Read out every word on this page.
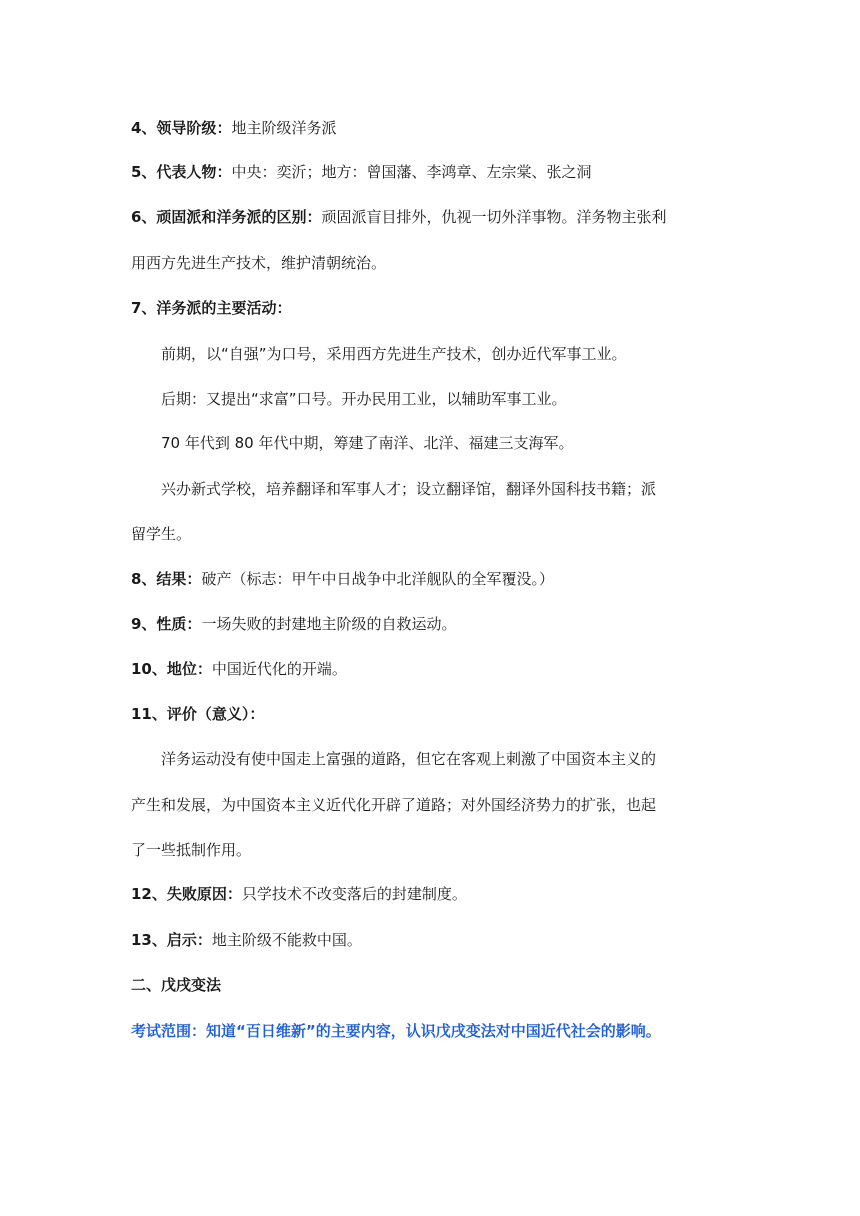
4、领导阶级：地主阶级洋务派
5、代表人物：中央：奕沂；地方：曾国藩、李鸿章、左宗棠、张之洞
6、顽固派和洋务派的区别：顽固派盲目排外，仇视一切外洋事物。洋务物主张利
用西方先进生产技术，维护清朝统治。
7、洋务派的主要活动：
前期，以“自强”为口号，采用西方先进生产技术，创办近代军事工业。
后期：又提出“求富”口号。开办民用工业，以辅助军事工业。
70 年代到 80 年代中期，筹建了南洋、北洋、福建三支海军。
兴办新式学校，培养翻译和军事人才；设立翻译馆，翻译外国科技书籍；派
留学生。
8、结果：破产（标志：甲午中日战争中北洋舰队的全军覆没。）
9、性质：一场失败的封建地主阶级的自救运动。
10、地位：中国近代化的开端。
11、评价（意义）：
洋务运动没有使中国走上富强的道路，但它在客观上刺激了中国资本主义的
产生和发展，为中国资本主义近代化开辟了道路；对外国经济势力的扩张，也起
了一些抵制作用。
12、失败原因：只学技术不改变落后的封建制度。
13、启示：地主阶级不能救中国。
二、戊戌变法
考试范围：知道“百日维新”的主要内容，认识戊戌变法对中国近代社会的影响。
